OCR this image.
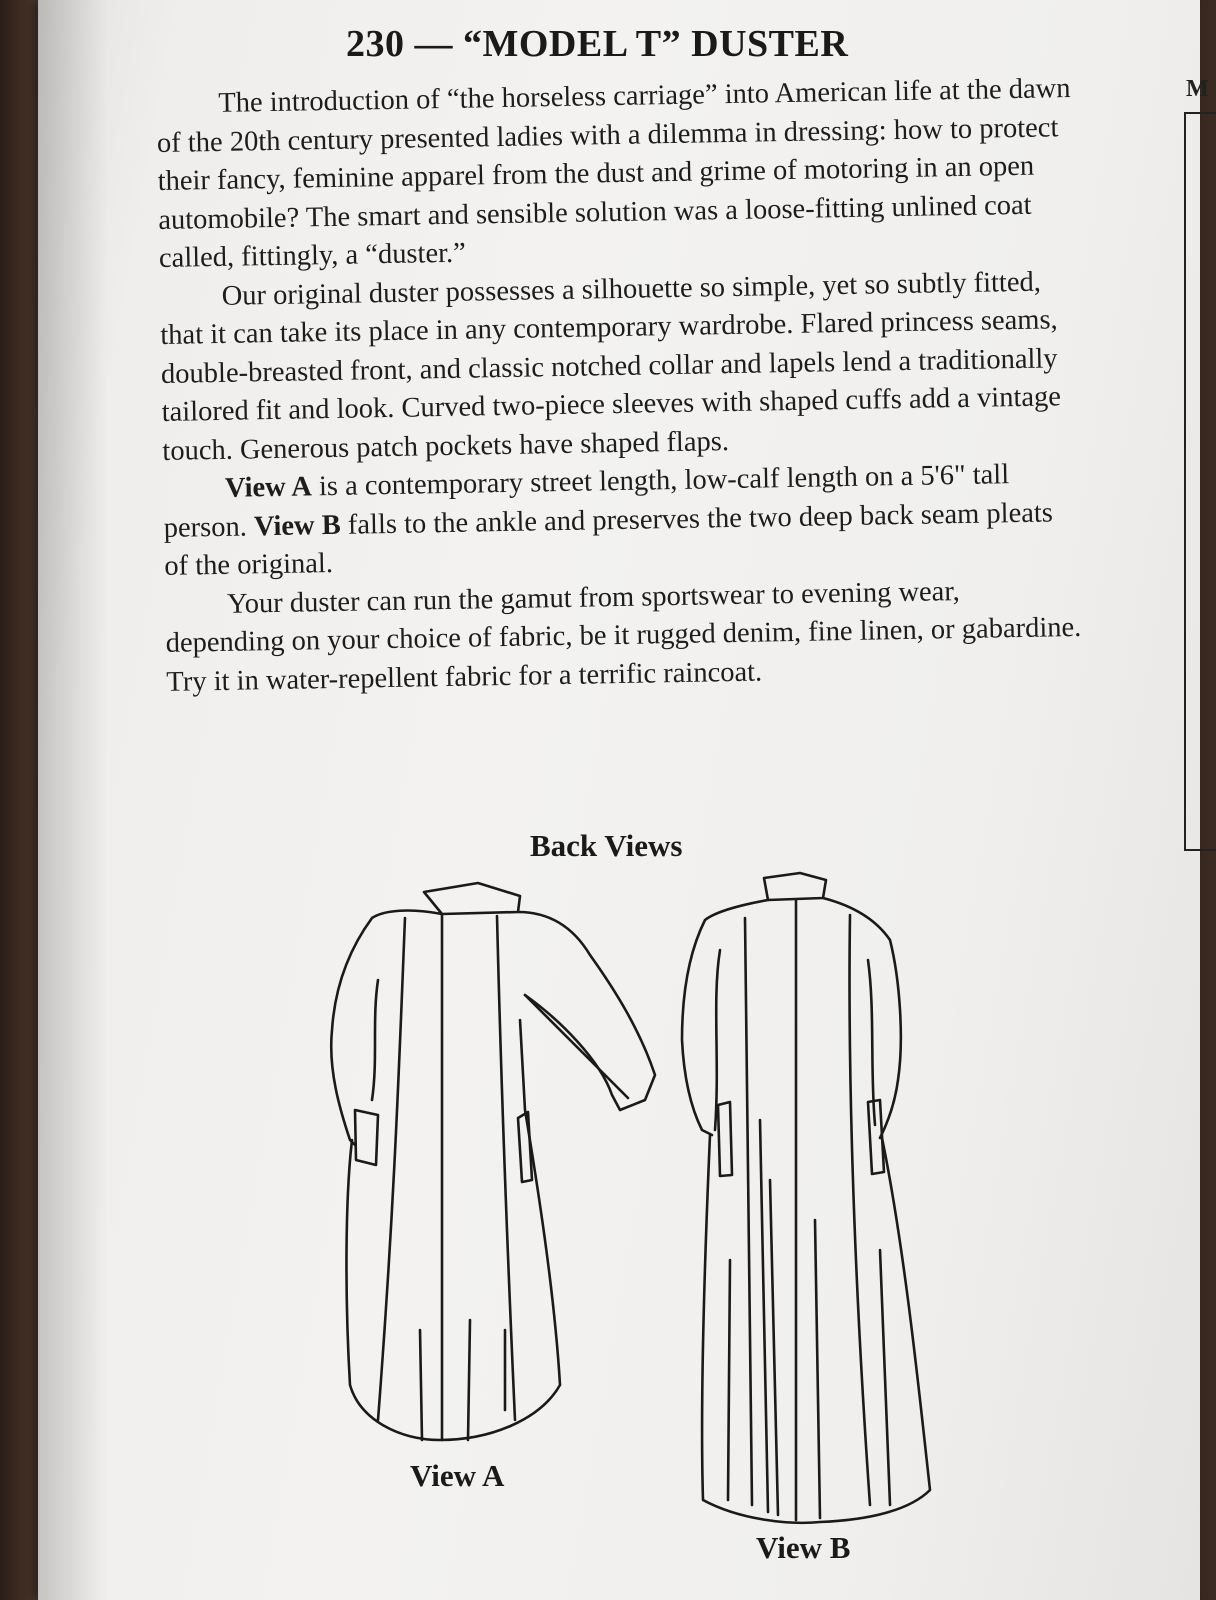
M
230 — “MODEL T” DUSTER

The introduction of “the horseless carriage” into American life at the dawn of the 20th century presented ladies with a dilemma in dressing: how to protect their fancy, feminine apparel from the dust and grime of motoring in an open automobile? The smart and sensible solution was a loose-fitting unlined coat called, fittingly, a “duster.”

Our original duster possesses a silhouette so simple, yet so subtly fitted, that it can take its place in any contemporary wardrobe. Flared princess seams, double-breasted front, and classic notched collar and lapels lend a traditionally tailored fit and look. Curved two-piece sleeves with shaped cuffs add a vintage touch. Generous patch pockets have shaped flaps.

View A is a contemporary street length, low-calf length on a 5'6" tall person. View B falls to the ankle and preserves the two deep back seam pleats of the original.

Your duster can run the gamut from sportswear to evening wear, depending on your choice of fabric, be it rugged denim, fine linen, or gabardine. Try it in water-repellent fabric for a terrific raincoat.

Back Views
View A
View B
